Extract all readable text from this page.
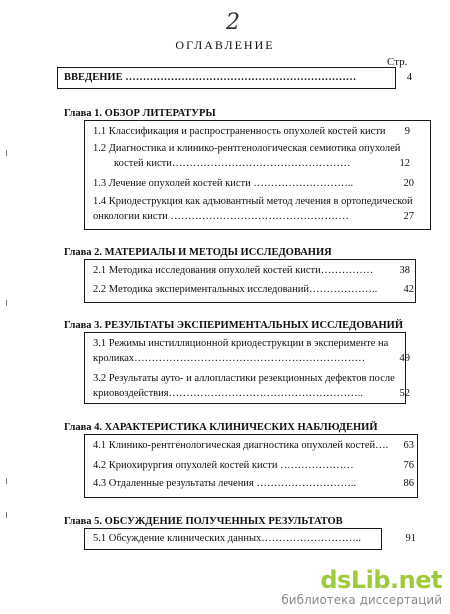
2
ОГЛАВЛЕНИЕ
Стр.
ВВЕДЕНИЕ …………………………………………………………	4
Глава 1. ОБЗОР ЛИТЕРАТУРЫ
1.1 Классификация и распространенность опухолей костей кисти	9
1.2 Диагностика и клинико-рентгенологическая семиотика опухолей
костей кисти……………………………………………	12
1.3 Лечение опухолей костей кисти ………………………..	20
1.4 Криодеструкция как адъювантный метод лечения в ортопедической
онкологии кисти ……………………………………………	27
Глава 2. МАТЕРИАЛЫ И МЕТОДЫ ИССЛЕДОВАНИЯ
2.1 Методика исследования опухолей костей кисти……………	38
2.2 Методика экспериментальных исследований………………..	42
Глава 3. РЕЗУЛЬТАТЫ ЭКСПЕРИМЕНТАЛЬНЫХ ИССЛЕДОВАНИЙ
3.1 Режимы инстилляционной криодеструкции в эксперименте на
кроликах…………………………………………………………	49
3.2 Результаты ауто- и аллопластики резекционных дефектов после
криовоздействия………………………………………………..	52
Глава 4. ХАРАКТЕРИСТИКА КЛИНИЧЕСКИХ НАБЛЮДЕНИЙ
4.1 Клинико-рентгенологическая диагностика опухолей костей….	63
4.2 Криохирургия опухолей костей кисти …………………	76
4.3 Отдаленные результаты лечения ………………………..	86
Глава 5. ОБСУЖДЕНИЕ ПОЛУЧЕННЫХ РЕЗУЛЬТАТОВ
5.1 Обсуждение клинических данных………………………..	91
dsLib.net
библиотека диссертаций
